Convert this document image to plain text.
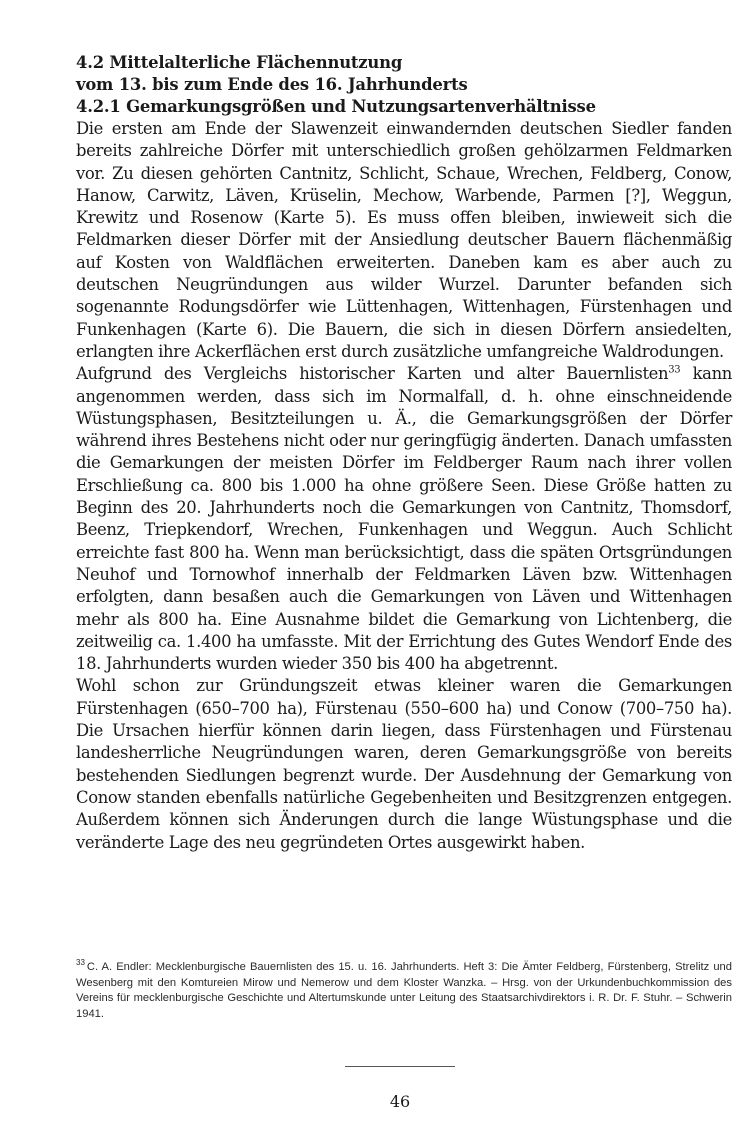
4.2 Mittelalterliche Flächennutzung

vom 13. bis zum Ende des 16. Jahrhunderts

4.2.1 Gemarkungsgrößen und Nutzungsartenverhältnisse

Die ersten am Ende der Slawenzeit einwandernden deutschen Siedler fanden bereits zahlreiche Dörfer mit unterschiedlich großen gehölzarmen Feldmarken vor. Zu diesen gehörten Cantnitz, Schlicht, Schaue, Wrechen, Feldberg, Conow, Hanow, Carwitz, Läven, Krüselin, Mechow, Warbende, Parmen [?], Weggun, Krewitz und Rosenow (Karte 5). Es muss offen bleiben, inwieweit sich die Feldmarken dieser Dörfer mit der Ansiedlung deutscher Bauern flächenmäßig auf Kosten von Waldflächen erweiterten. Daneben kam es aber auch zu deutschen Neugründungen aus wilder Wurzel. Darunter befanden sich sogenannte Rodungsdörfer wie Lüttenhagen, Wittenhagen, Fürstenhagen und Funkenhagen (Karte 6). Die Bauern, die sich in diesen Dörfern ansiedelten, erlangten ihre Ackerflächen erst durch zusätzliche umfangreiche Waldrodungen.

Aufgrund des Vergleichs historischer Karten und alter Bauernlisten$^{33}$ kann angenommen werden, dass sich im Normalfall, d. h. ohne einschneidende Wüstungsphasen, Besitzteilungen u. Ä., die Gemarkungsgrößen der Dörfer während ihres Bestehens nicht oder nur geringfügig änderten. Danach umfassten die Gemarkungen der meisten Dörfer im Feldberger Raum nach ihrer vollen Erschließung ca. 800 bis 1.000 ha ohne größere Seen. Diese Größe hatten zu Beginn des 20. Jahrhunderts noch die Gemarkungen von Cantnitz, Thomsdorf, Beenz, Triepkendorf, Wrechen, Funkenhagen und Weggun. Auch Schlicht erreichte fast 800 ha. Wenn man berücksichtigt, dass die späten Ortsgründungen Neuhof und Tornowhof innerhalb der Feldmarken Läven bzw. Wittenhagen erfolgten, dann besaßen auch die Gemarkungen von Läven und Wittenhagen mehr als 800 ha. Eine Ausnahme bildet die Gemarkung von Lichtenberg, die zeitweilig ca. 1.400 ha umfasste. Mit der Errichtung des Gutes Wendorf Ende des 18. Jahrhunderts wurden wieder 350 bis 400 ha abgetrennt.

Wohl schon zur Gründungszeit etwas kleiner waren die Gemarkungen Fürstenhagen (650–700 ha), Fürstenau (550–600 ha) und Conow (700–750 ha). Die Ursachen hierfür können darin liegen, dass Fürstenhagen und Fürstenau landesherrliche Neugründungen waren, deren Gemarkungsgröße von bereits bestehenden Siedlungen begrenzt wurde. Der Ausdehnung der Gemarkung von Conow standen ebenfalls natürliche Gegebenheiten und Besitzgrenzen entgegen. Außerdem können sich Änderungen durch die lange Wüstungsphase und die veränderte Lage des neu gegründeten Ortes ausgewirkt haben.

$^{33}$ C. A. Endler: Mecklenburgische Bauernlisten des 15. u. 16. Jahrhunderts. Heft 3: Die Ämter Feldberg, Fürstenberg, Strelitz und Wesenberg mit den Komtureien Mirow und Nemerow und dem Kloster Wanzka. – Hrsg. von der Urkundenbuchkommission des Vereins für mecklenburgische Geschichte und Altertumskunde unter Leitung des Staatsarchivdirektors i. R. Dr. F. Stuhr. – Schwerin 1941.

46
